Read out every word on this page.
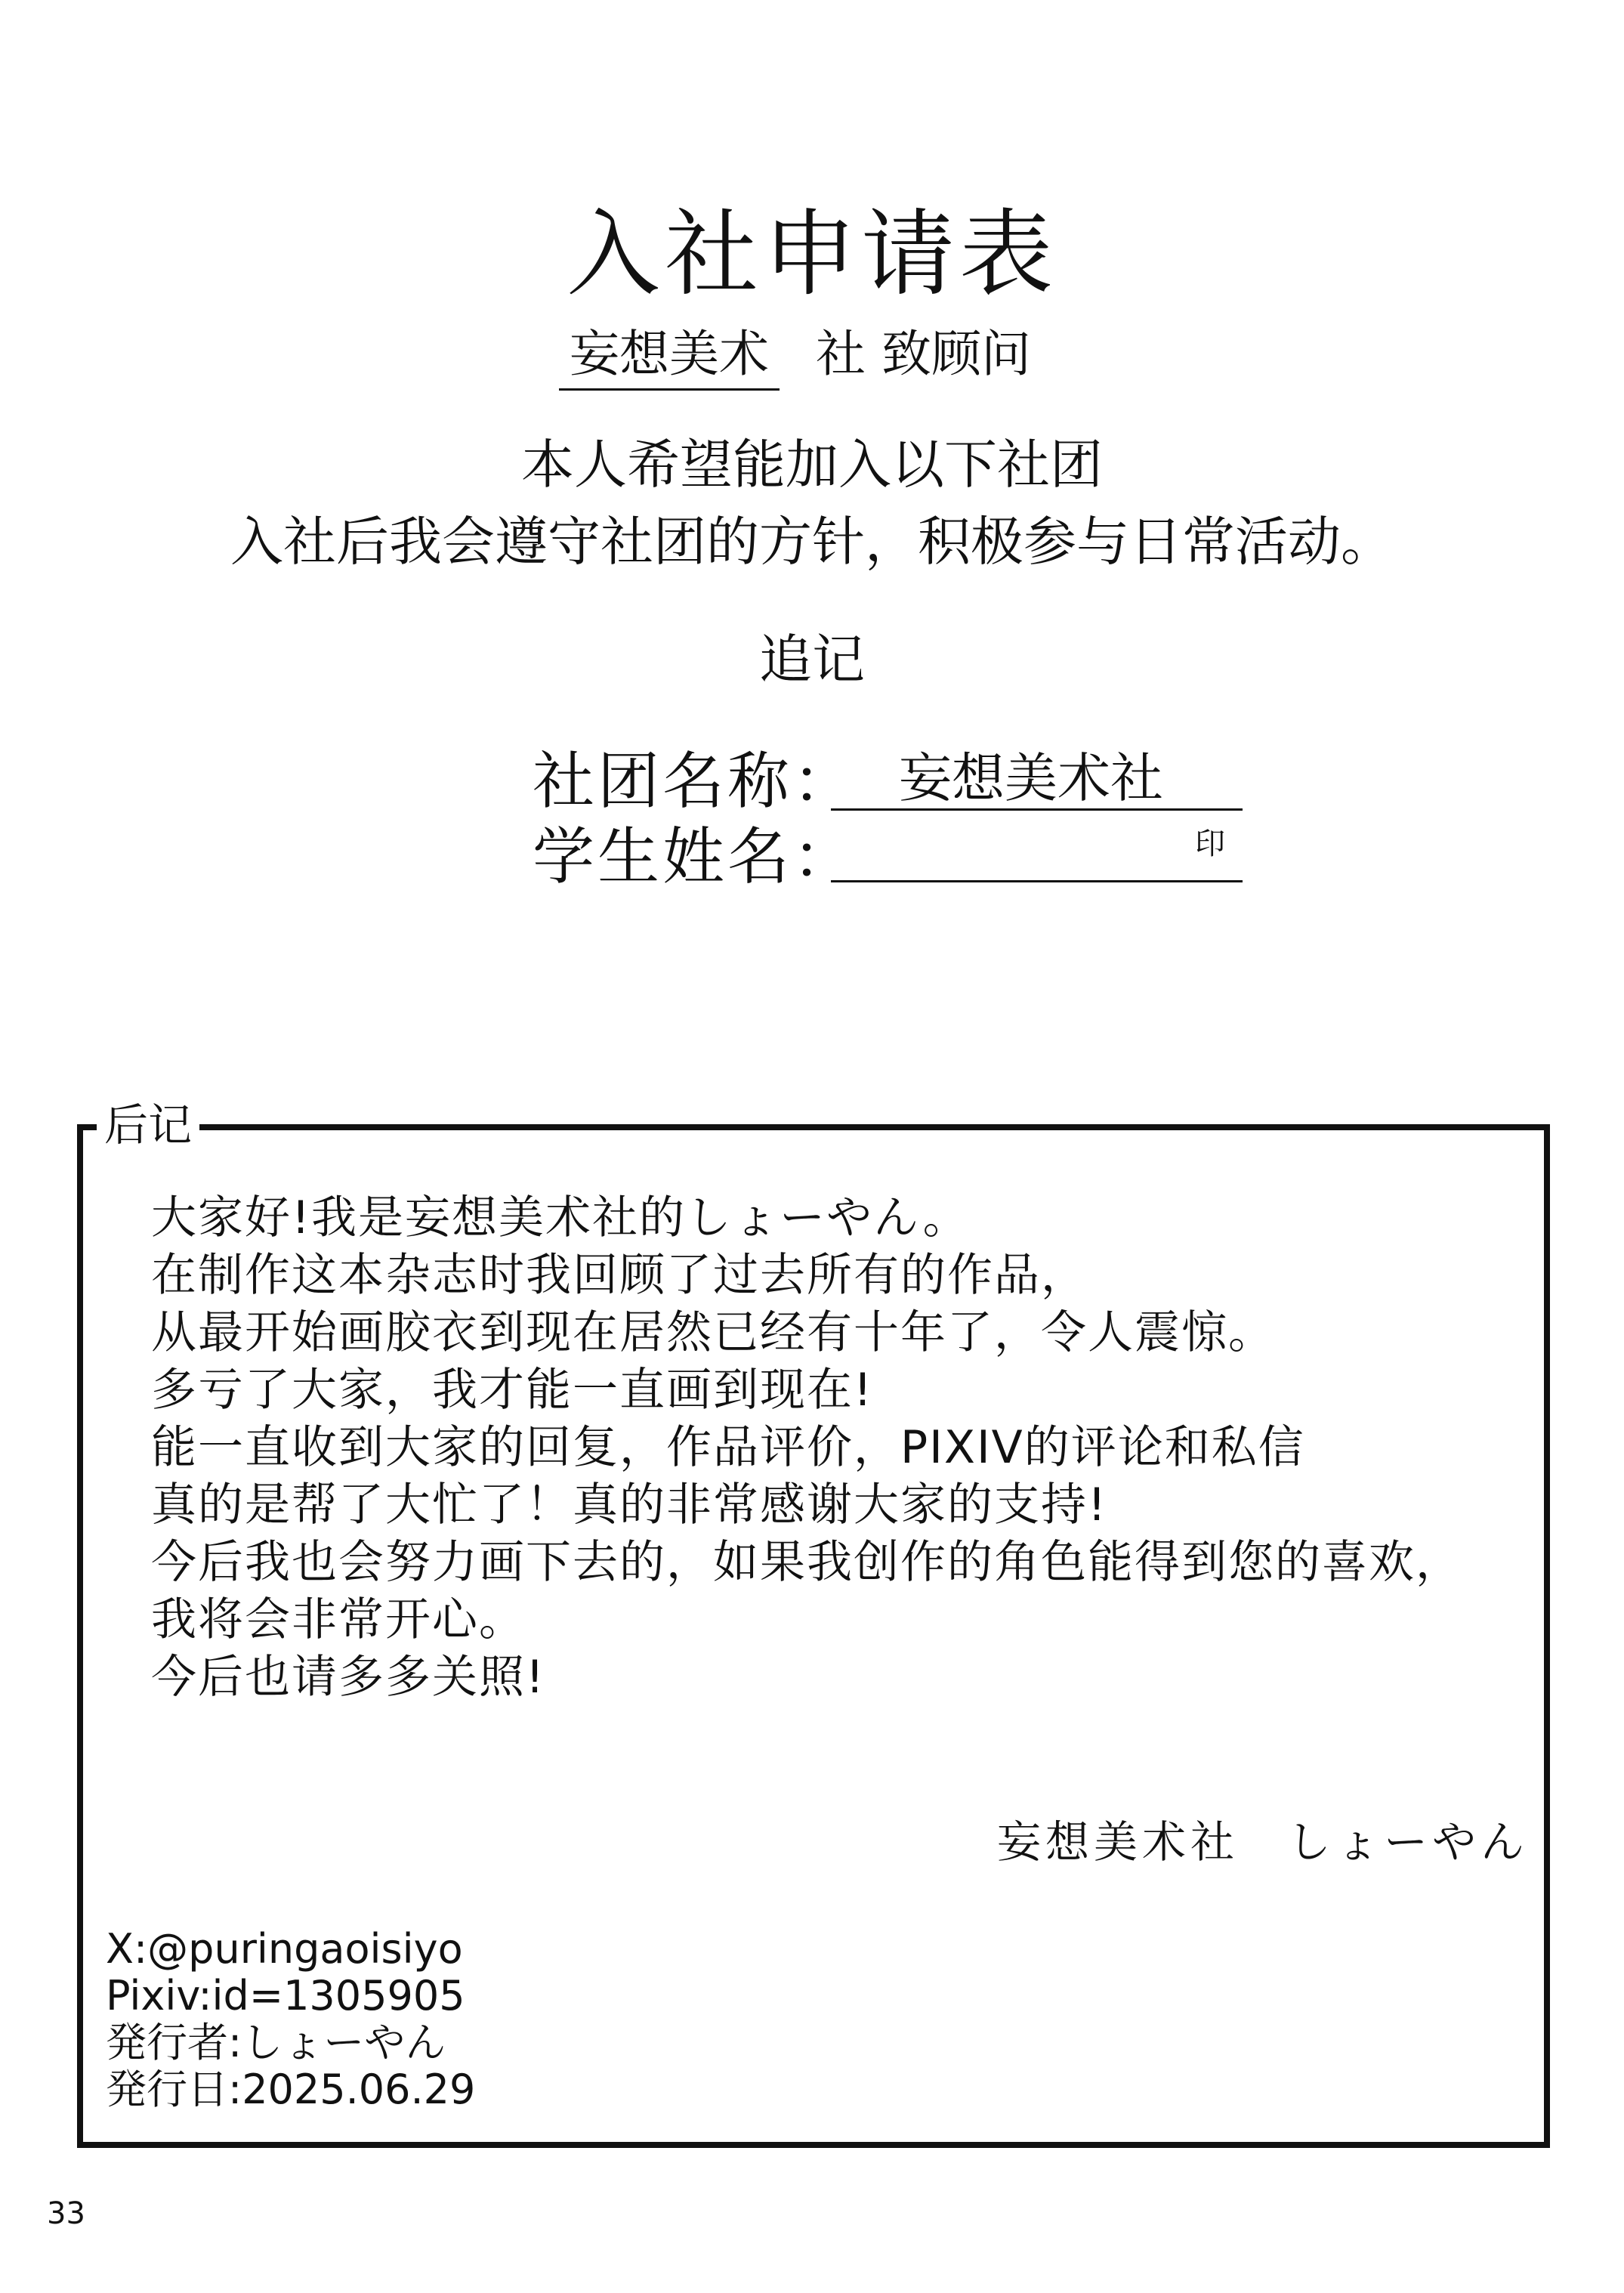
入社申请表
妄想美术 社 致顾问
本人希望能加入以下社团
入社后我会遵守社团的方针，积极参与日常活动。
追记
社团名称： 妄想美术社
学生姓名：	印
后记
大家好!我是妄想美术社的しょーやん。
在制作这本杂志时我回顾了过去所有的作品，
从最开始画胶衣到现在居然已经有十年了，令人震惊。
多亏了大家，我才能一直画到现在!
能一直收到大家的回复，作品评价，PIXIV的评论和私信
真的是帮了大忙了！真的非常感谢大家的支持!
今后我也会努力画下去的，如果我创作的角色能得到您的喜欢，
我将会非常开心。
今后也请多多关照!
妄想美术社　しょーやん
X:@puringaoisiyo
Pixiv:id=1305905
発行者:しょーやん
発行日:2025.06.29
33
